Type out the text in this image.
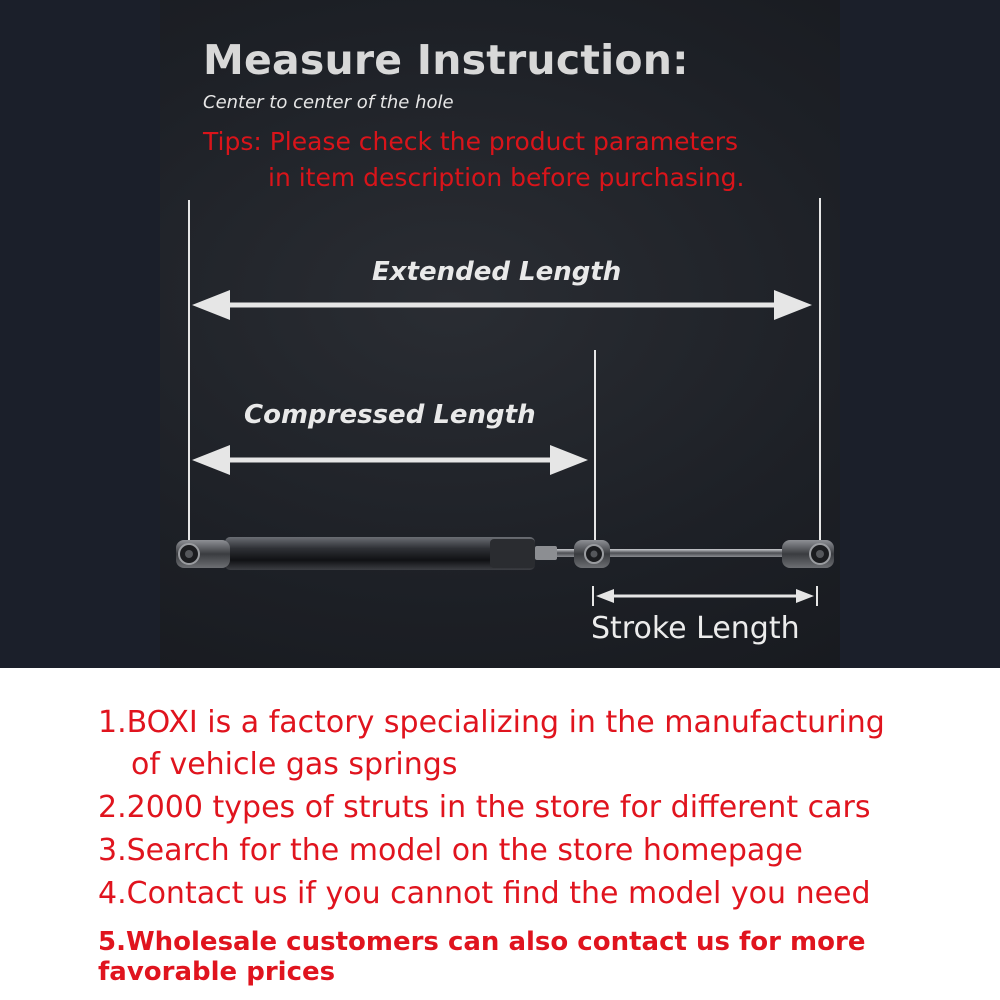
Measure Instruction:
Center to center of the hole
Tips: Please check the product parameters
in item description before purchasing.
Extended Length
Compressed Length
Stroke Length
1.BOXI is a factory specializing in the manufacturing
of vehicle gas springs
2.2000 types of struts in the store for different cars
3.Search for the model on the store homepage
4.Contact us if you cannot find the model you need
5.Wholesale customers can also contact us for more
favorable prices
